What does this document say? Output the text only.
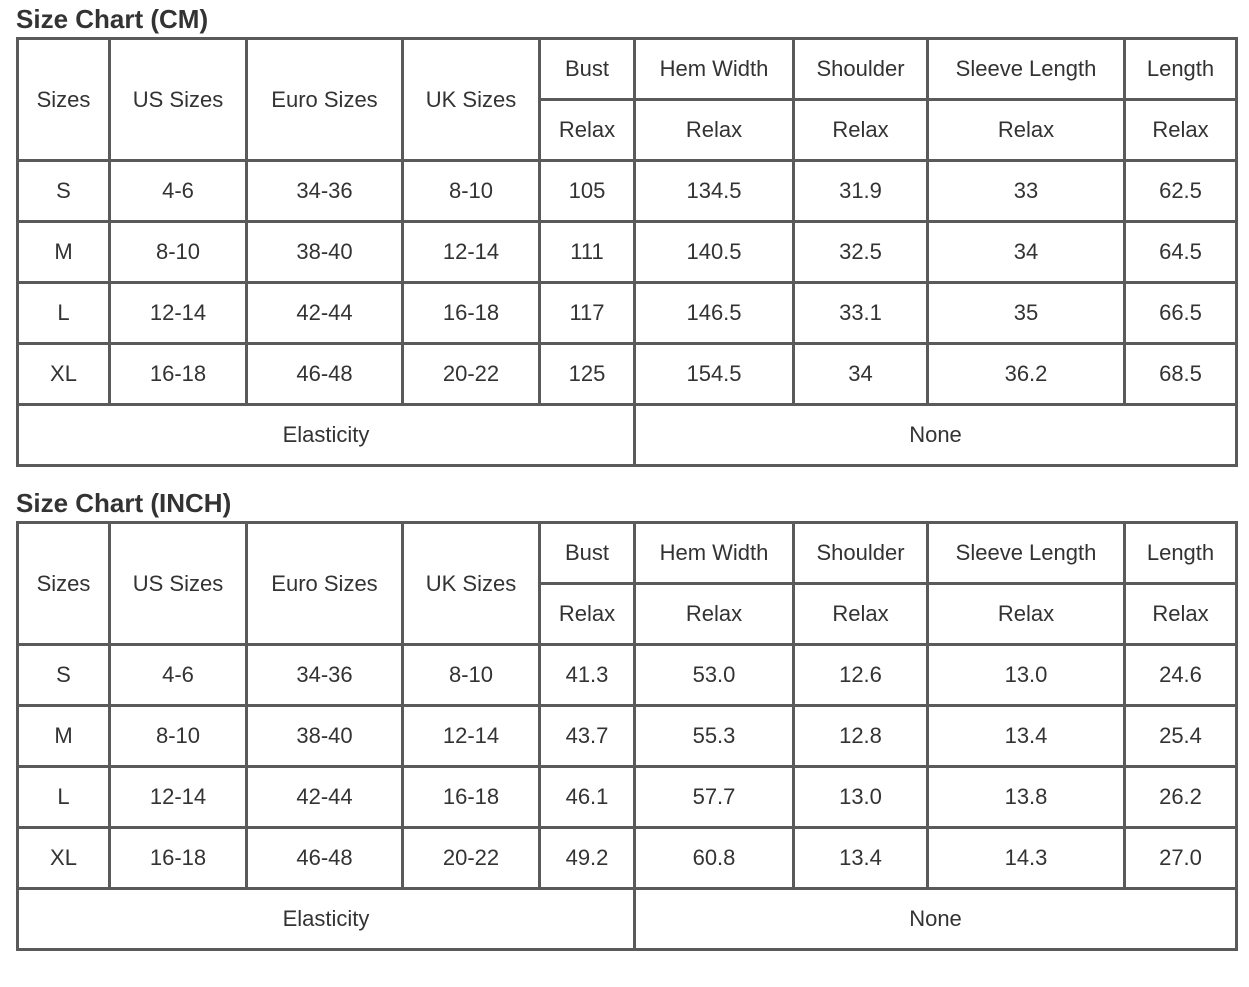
Size Chart (CM)
Sizes	US Sizes	Euro Sizes	UK Sizes	Bust	Hem Width	Shoulder	Sleeve Length	Length
				Relax	Relax	Relax	Relax	Relax
S	4-6	34-36	8-10	105	134.5	31.9	33	62.5
M	8-10	38-40	12-14	111	140.5	32.5	34	64.5
L	12-14	42-44	16-18	117	146.5	33.1	35	66.5
XL	16-18	46-48	20-22	125	154.5	34	36.2	68.5
Elasticity					None			
Size Chart (INCH)
Sizes	US Sizes	Euro Sizes	UK Sizes	Bust	Hem Width	Shoulder	Sleeve Length	Length
				Relax	Relax	Relax	Relax	Relax
S	4-6	34-36	8-10	41.3	53.0	12.6	13.0	24.6
M	8-10	38-40	12-14	43.7	55.3	12.8	13.4	25.4
L	12-14	42-44	16-18	46.1	57.7	13.0	13.8	26.2
XL	16-18	46-48	20-22	49.2	60.8	13.4	14.3	27.0
Elasticity					None			
